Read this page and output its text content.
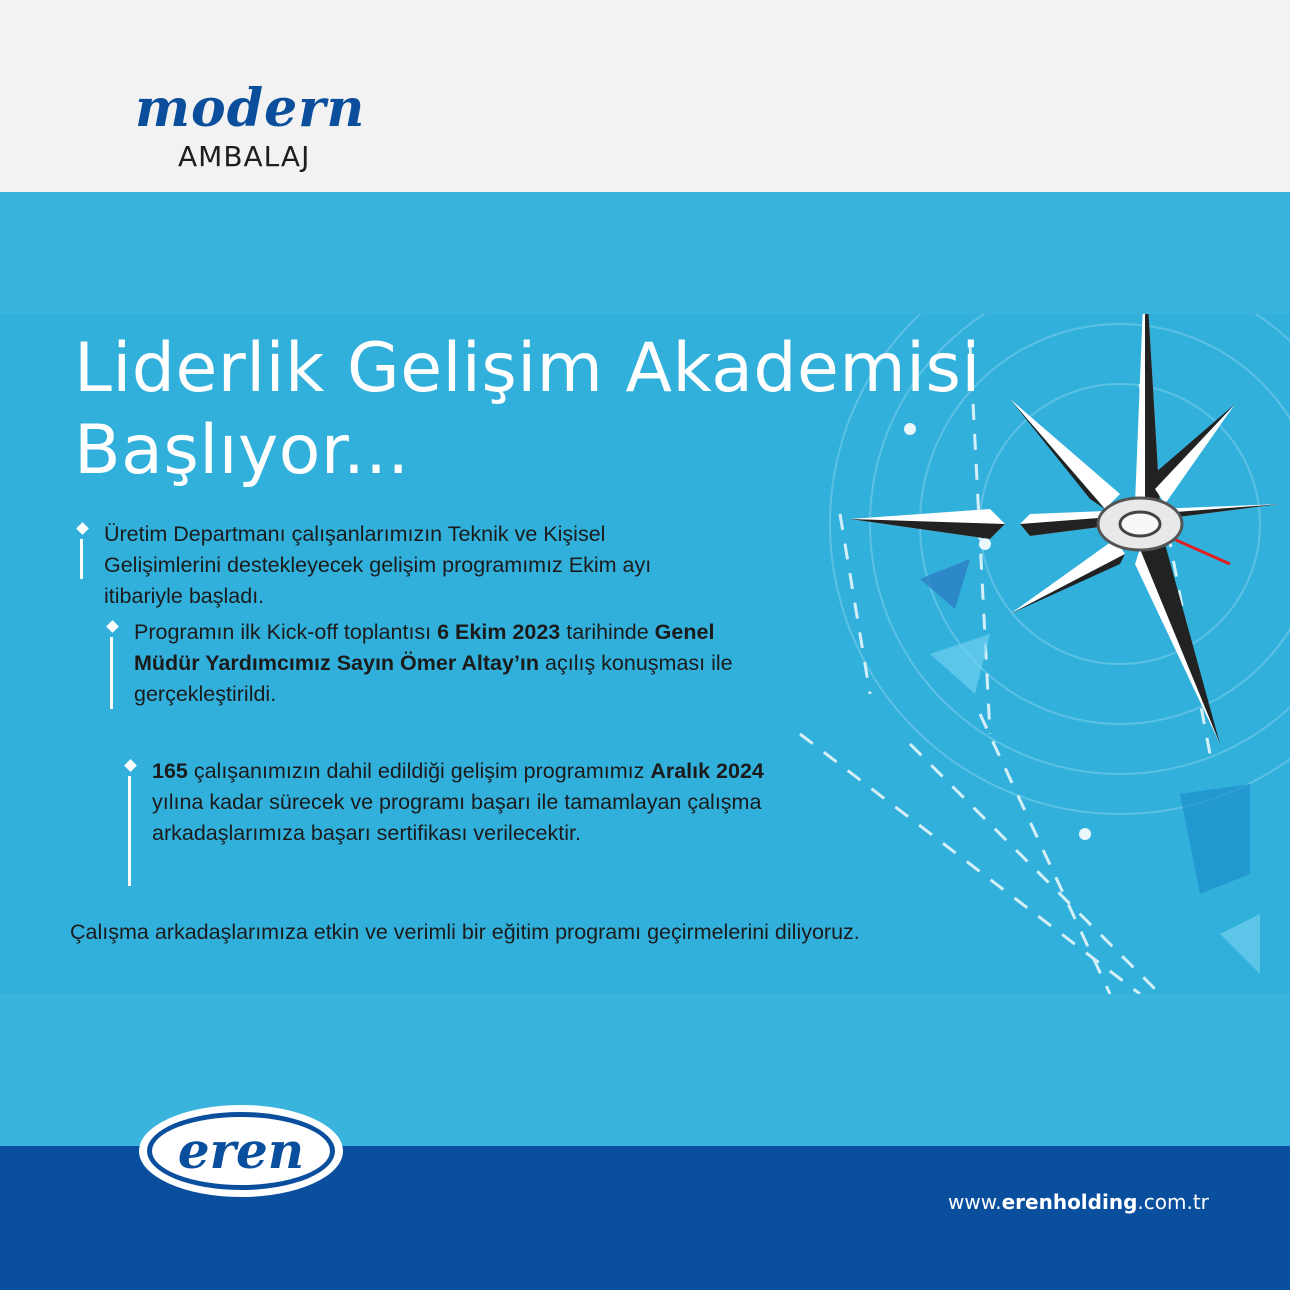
modern
AMBALAJ
Liderlik Gelişim Akademisi
Başlıyor...
Üretim Departmanı çalışanlarımızın Teknik ve Kişisel Gelişimlerini destekleyecek gelişim programımız Ekim ayı itibariyle başladı.
Programın ilk Kick-off toplantısı 6 Ekim 2023 tarihinde Genel Müdür Yardımcımız Sayın Ömer Altay’ın açılış konuşması ile gerçekleştirildi.
165 çalışanımızın dahil edildiği gelişim programımız Aralık 2024 yılına kadar sürecek ve programı başarı ile tamamlayan çalışma arkadaşlarımıza başarı sertifikası verilecektir.
Çalışma arkadaşlarımıza etkin ve verimli bir eğitim programı geçirmelerini diliyoruz.
eren
www.erenholding.com.tr
